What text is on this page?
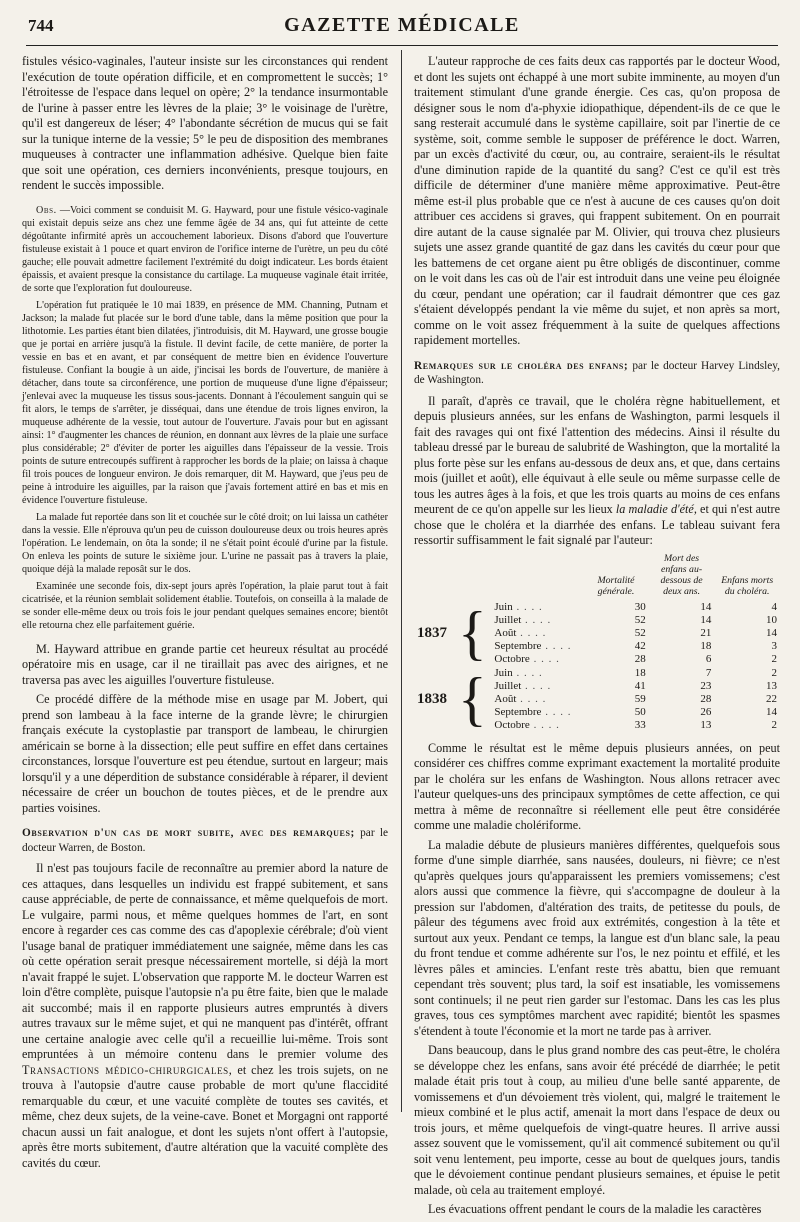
744	GAZETTE MÉDICALE

fistules vésico-vaginales, l'auteur insiste sur les circonstances qui rendent l'exécution de toute opération difficile, et en compromettent le succès; 1° l'étroitesse de l'espace dans lequel on opère; 2° la tendance insurmontable de l'urine à passer entre les lèvres de la plaie; 3° le voisinage de l'urètre, qu'il est dangereux de léser; 4° l'abondante sécrétion de mucus qui se fait sur la tunique interne de la vessie; 5° le peu de disposition des membranes muqueuses à contracter une inflammation adhésive. Quelque bien faite que soit une opération, ces derniers inconvénients, presque toujours, en rendent le succès impossible.

Obs. —Voici comment se conduisit M. G. Hayward, pour une fistule vésico-vaginale qui existait depuis seize ans chez une femme âgée de 34 ans, qui fut atteinte de cette dégoûtante infirmité après un accouchement laborieux. Disons d'abord que l'ouverture fistuleuse existait à 1 pouce et quart environ de l'orifice interne de l'urètre, un peu du côté gauche; elle pouvait admettre facilement l'extrémité du doigt indicateur. Les bords étaient épaissis, et avaient presque la consistance du cartilage. La muqueuse vaginale était irritée, de sorte que l'exploration fut douloureuse.

L'opération fut pratiquée le 10 mai 1839, en présence de MM. Channing, Putnam et Jackson; la malade fut placée sur le bord d'une table, dans la même position que pour la lithotomie. Les parties étant bien dilatées, j'introduisis, dit M. Hayward, une grosse bougie que je portai en arrière jusqu'à la fistule. Il devint facile, de cette manière, de porter la vessie en bas et en avant, et par conséquent de mettre bien en évidence l'ouverture fistuleuse. Confiant la bougie à un aide, j'incisai les bords de l'ouverture, de manière à détacher, dans toute sa circonférence, une portion de muqueuse d'une ligne d'épaisseur; j'enlevai avec la muqueuse les tissus sous-jacents. Donnant à l'écoulement sanguin qui se fit alors, le temps de s'arrêter, je disséquai, dans une étendue de trois lignes environ, la muqueuse adhérente de la vessie, tout autour de l'ouverture. J'avais pour but en agissant ainsi: 1° d'augmenter les chances de réunion, en donnant aux lèvres de la plaie une surface plus considérable; 2° d'éviter de porter les aiguilles dans l'épaisseur de la vessie. Trois points de suture entrecoupés suffirent à rapprocher les bords de la plaie; on laissa à chaque fil trois pouces de longueur environ. Je dois remarquer, dit M. Hayward, que j'eus peu de peine à introduire les aiguilles, par la raison que j'avais fortement attiré en bas et mis en évidence l'ouverture fistuleuse.

La malade fut reportée dans son lit et couchée sur le côté droit; on lui laissa un cathéter dans la vessie. Elle n'éprouva qu'un peu de cuisson douloureuse deux ou trois heures après l'opération. Le lendemain, on ôta la sonde; il ne s'était point écoulé d'urine par la fistule. On enleva les points de suture le sixième jour. L'urine ne passait pas à travers la plaie, quoique déjà la malade reposât sur le dos.

Examinée une seconde fois, dix-sept jours après l'opération, la plaie parut tout à fait cicatrisée, et la réunion semblait solidement établie. Toutefois, on conseilla à la malade de se sonder elle-même deux ou trois fois le jour pendant quelques semaines encore; bientôt elle retourna chez elle parfaitement guérie.

M. Hayward attribue en grande partie cet heureux résultat au procédé opératoire mis en usage, car il ne tiraillait pas avec des airignes, et ne traversa pas avec les aiguilles l'ouverture fistuleuse.

Ce procédé diffère de la méthode mise en usage par M. Jobert, qui prend son lambeau à la face interne de la grande lèvre; le chirurgien français exécute la cystoplastie par transport de lambeau, le chirurgien américain se borne à la dissection; elle peut suffire en effet dans certaines circonstances, lorsque l'ouverture est peu étendue, surtout en largeur; mais lorsqu'il y a une déperdition de substance considérable à réparer, il devient nécessaire de créer un bouchon de toutes pièces, et de le prendre aux parties voisines.

Observation d'un cas de mort subite, avec des remarques; par le docteur Warren, de Boston.

Il n'est pas toujours facile de reconnaître au premier abord la nature de ces attaques, dans lesquelles un individu est frappé subitement, et sans cause appréciable, de perte de connaissance, et même quelquefois de mort. Le vulgaire, parmi nous, et même quelques hommes de l'art, en sont encore à regarder ces cas comme des cas d'apoplexie cérébrale; d'où vient l'usage banal de pratiquer immédiatement une saignée, même dans les cas où cette opération serait presque nécessairement mortelle, si déjà la mort n'avait frappé le sujet. L'observation que rapporte M. le docteur Warren est loin d'être complète, puisque l'autopsie n'a pu être faite, bien que le malade ait succombé; mais il en rapporte plusieurs autres empruntés à divers autres travaux sur le même sujet, et qui ne manquent pas d'intérêt, offrant une certaine analogie avec celle qu'il a recueillie lui-même. Trois sont empruntées à un mémoire contenu dans le premier volume des Transactions médico-chirurgicales, et chez les trois sujets, on ne trouva à l'autopsie d'autre cause probable de mort qu'une flaccidité remarquable du cœur, et une vacuité complète de toutes ses cavités, et même, chez deux sujets, de la veine-cave. Bonet et Morgagni ont rapporté chacun aussi un fait analogue, et dont les sujets n'ont offert à l'autopsie, après être morts subitement, d'autre altération que la vacuité complète des cavités du cœur.

L'auteur rapproche de ces faits deux cas rapportés par le docteur Wood, et dont les sujets ont échappé à une mort subite imminente, au moyen d'un traitement stimulant d'une grande énergie. Ces cas, qu'on proposa de désigner sous le nom d'a-phyxie idiopathique, dépendent-ils de ce que le sang resterait accumulé dans le système capillaire, soit par l'inertie de ce système, soit, comme semble le supposer de préférence le doct. Warren, par un excès d'activité du cœur, ou, au contraire, seraient-ils le résultat d'une diminution rapide de la quantité du sang? C'est ce qu'il est très difficile de déterminer d'une manière même approximative. Peut-être même est-il plus probable que ce n'est à aucune de ces causes qu'on doit attribuer ces accidens si graves, qui frappent subitement. On en pourrait dire autant de la cause signalée par M. Olivier, qui trouva chez plusieurs sujets une assez grande quantité de gaz dans les cavités du cœur pour que les battemens de cet organe aient pu être obligés de discontinuer, comme on le voit dans les cas où de l'air est introduit dans une veine peu éloignée du cœur, pendant une opération; car il faudrait démontrer que ces gaz s'étaient développés pendant la vie même du sujet, et non après sa mort, comme on le voit assez fréquemment à la suite de quelques affections rapidement mortelles.

Remarques sur le choléra des enfans; par le docteur Harvey Lindsley, de Washington.

Il paraît, d'après ce travail, que le choléra règne habituellement, et depuis plusieurs années, sur les enfans de Washington, parmi lesquels il fait des ravages qui ont fixé l'attention des médecins. Ainsi il résulte du tableau dressé par le bureau de salubrité de Washington, que la mortalité la plus forte pèse sur les enfans au-dessous de deux ans, et que, dans certains mois (juillet et août), elle équivaut à elle seule ou même surpasse celle de tous les autres âges à la fois, et que les trois quarts au moins de ces enfans meurent de ce qu'on appelle sur les lieux la maladie d'été, et qui n'est autre chose que le choléra et la diarrhée des enfans. Le tableau suivant fera ressortir suffisamment le fait signalé par l'auteur:

			Mortalité générale.	Mort des enfans au-dessous de deux ans.	Enfans morts du choléra.
1837	{	Juin . . . .	30	14	4
		Juillet . . . .	52	14	10
		Août . . . .	52	21	14
		Septembre . . . .	42	18	3
		Octobre . . . .	28	6	2
1838	{	Juin . . . .	18	7	2
		Juillet . . . .	41	23	13
		Août . . . .	59	28	22
		Septembre . . . .	50	26	14
		Octobre . . . .	33	13	2

Comme le résultat est le même depuis plusieurs années, on peut considérer ces chiffres comme exprimant exactement la mortalité produite par le choléra sur les enfans de Washington. Nous allons retracer avec l'auteur quelques-uns des principaux symptômes de cette affection, ce qui mettra à même de reconnaître si réellement elle peut être considérée comme une maladie cholériforme.

La maladie débute de plusieurs manières différentes, quelquefois sous forme d'une simple diarrhée, sans nausées, douleurs, ni fièvre; ce n'est qu'après quelques jours qu'apparaissent les premiers vomissemens; c'est alors aussi que commence la fièvre, qui s'accompagne de douleur à la pression sur l'abdomen, d'altération des traits, de petitesse du pouls, de pâleur des tégumens avec froid aux extrémités, congestion à la tête et surtout aux yeux. Pendant ce temps, la langue est d'un blanc sale, la peau du front tendue et comme adhérente sur l'os, le nez pointu et effilé, et les lèvres pâles et amincies. L'enfant reste très abattu, bien que remuant cependant très souvent; plus tard, la soif est insatiable, les vomissemens sont continuels; il ne peut rien garder sur l'estomac. Dans les cas les plus graves, tous ces symptômes marchent avec rapidité; bientôt les spasmes s'étendent à toute l'économie et la mort ne tarde pas à arriver.

Dans beaucoup, dans le plus grand nombre des cas peut-être, le choléra se développe chez les enfans, sans avoir été précédé de diarrhée; le petit malade était pris tout à coup, au milieu d'une belle santé apparente, de vomissemens et d'un dévoiement très violent, qui, malgré le traitement le mieux combiné et le plus actif, amenait la mort dans l'espace de deux ou trois jours, et même quelquefois de vingt-quatre heures. Il arrive aussi assez souvent que le vomissement, qu'il ait commencé subitement ou qu'il soit venu lentement, peu importe, cesse au bout de quelques jours, tandis que le dévoiement continue pendant plusieurs semaines, et épuise le petit malade, où cela au traitement employé.

Les évacuations offrent pendant le cours de la maladie les caractères
